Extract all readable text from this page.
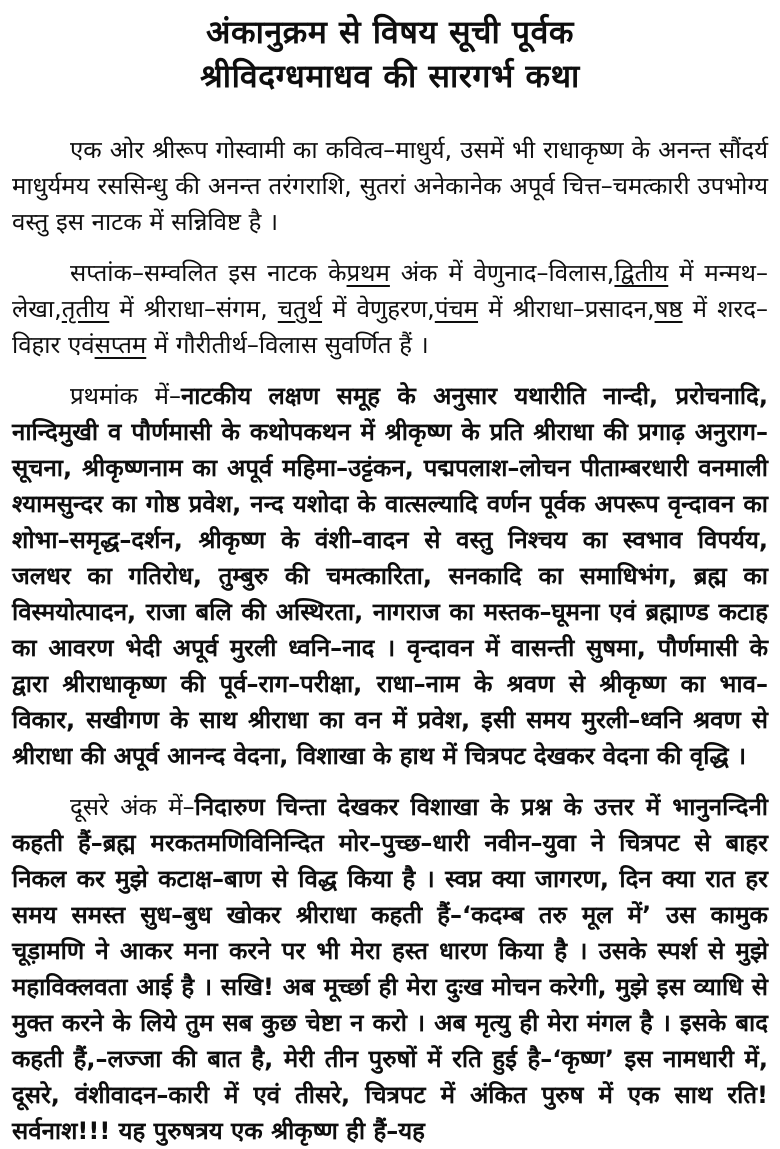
अंकानुक्रम से विषय सूची पूर्वक
श्रीविदग्धमाधव की सारगर्भ कथा

एक ओर श्रीरूप गोस्वामी का कवित्व–माधुर्य, उसमें भी राधाकृष्ण के अनन्त सौंदर्य माधुर्यमय रससिन्धु की अनन्त तरंगराशि, सुतरां अनेकानेक अपूर्व चित्त–चमत्कारी उपभोग्य वस्तु इस नाटक में सन्निविष्ट है ।

सप्तांक–सम्वलित इस नाटक केप्रथम अंक में वेणुनाद–विलास,द्वितीय में मन्मथ–लेखा,तृतीय में श्रीराधा–संगम, चतुर्थ में वेणुहरण,पंचम में श्रीराधा–प्रसादन,षष्ठ में शरद–विहार एवंसप्तम में गौरीतीर्थ–विलास सुवर्णित हैं ।

प्रथमांक में–नाटकीय लक्षण समूह के अनुसार यथारीति नान्दी, प्ररोचनादि, नान्दिमुखी व पौर्णमासी के कथोपकथन में श्रीकृष्ण के प्रति श्रीराधा की प्रगाढ़ अनुराग–सूचना, श्रीकृष्णनाम का अपूर्व महिमा–उट्टंकन, पद्मपलाश–लोचन पीताम्बरधारी वनमाली श्यामसुन्दर का गोष्ठ प्रवेश, नन्द यशोदा के वात्सल्यादि वर्णन पूर्वक अपरूप वृन्दावन का शोभा–समृद्ध–दर्शन, श्रीकृष्ण के वंशी–वादन से वस्तु निश्चय का स्वभाव विपर्यय, जलधर का गतिरोध, तुम्बुरु की चमत्कारिता, सनकादि का समाधिभंग, ब्रह्म का विस्मयोत्पादन, राजा बलि की अस्थिरता, नागराज का मस्तक–घूमना एवं ब्रह्माण्ड कटाह का आवरण भेदी अपूर्व मुरली ध्वनि–नाद । वृन्दावन में वासन्ती सुषमा, पौर्णमासी के द्वारा श्रीराधाकृष्ण की पूर्व–राग–परीक्षा, राधा–नाम के श्रवण से श्रीकृष्ण का भाव–विकार, सखीगण के साथ श्रीराधा का वन में प्रवेश, इसी समय मुरली–ध्वनि श्रवण से श्रीराधा की अपूर्व आनन्द वेदना, विशाखा के हाथ में चित्रपट देखकर वेदना की वृद्धि ।

दूसरे अंक में–निदारुण चिन्ता देखकर विशाखा के प्रश्न के उत्तर में भानुनन्दिनी कहती हैं–ब्रह्म मरकतमणिविनिन्दित मोर–पुच्छ–धारी नवीन–युवा ने चित्रपट से बाहर निकल कर मुझे कटाक्ष–बाण से विद्ध किया है । स्वप्न क्या जागरण, दिन क्या रात हर समय समस्त सुध–बुध खोकर श्रीराधा कहती हैं–‘कदम्ब तरु मूल में’ उस कामुक चूड़ामणि ने आकर मना करने पर भी मेरा हस्त धारण किया है । उसके स्पर्श से मुझे महाविक्लवता आई है । सखि! अब मूर्च्छा ही मेरा दुःख मोचन करेगी, मुझे इस व्याधि से मुक्त करने के लिये तुम सब कुछ चेष्टा न करो । अब मृत्यु ही मेरा मंगल है । इसके बाद कहती हैं,–लज्जा की बात है, मेरी तीन पुरुषों में रति हुई है–‘कृष्ण’ इस नामधारी में, दूसरे, वंशीवादन–कारी में एवं तीसरे, चित्रपट में अंकित पुरुष में एक साथ रति! सर्वनाश!!! यह पुरुषत्रय एक श्रीकृष्ण ही हैं–यह
